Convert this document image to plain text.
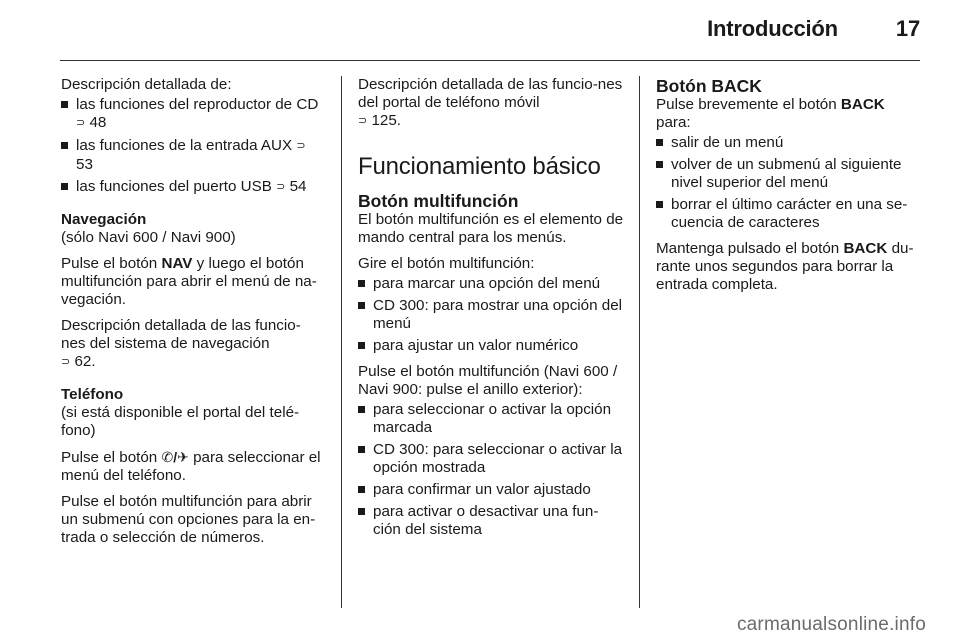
Introducción	17

Descripción detallada de:

las funciones del reproductor de CD ⊃ 48
las funciones de la entrada AUX ⊃ 53
las funciones del puerto USB ⊃ 54

Navegación

(sólo Navi 600 / Navi 900)

Pulse el botón NAV y luego el botón multifunción para abrir el menú de na-vegación.

Descripción detallada de las funcio-nes del sistema de navegación
⊃ 62.

Teléfono

(si está disponible el portal del telé-fono)

Pulse el botón ✆/✈ para seleccionar el menú del teléfono.

Pulse el botón multifunción para abrir un submenú con opciones para la en-trada o selección de números.

Descripción detallada de las funcio-nes del portal de teléfono móvil
⊃ 125.

Funcionamiento básico

Botón multifunción

El botón multifunción es el elemento de mando central para los menús.

Gire el botón multifunción:

para marcar una opción del menú
CD 300: para mostrar una opción del menú
para ajustar un valor numérico

Pulse el botón multifunción (Navi 600 / Navi 900: pulse el anillo exterior):

para seleccionar o activar la opción marcada
CD 300: para seleccionar o activar la opción mostrada
para confirmar un valor ajustado
para activar o desactivar una fun-ción del sistema

Botón BACK

Pulse brevemente el botón BACK para:

salir de un menú
volver de un submenú al siguiente nivel superior del menú
borrar el último carácter en una se-cuencia de caracteres

Mantenga pulsado el botón BACK du-rante unos segundos para borrar la entrada completa.

carmanualsonline.info
